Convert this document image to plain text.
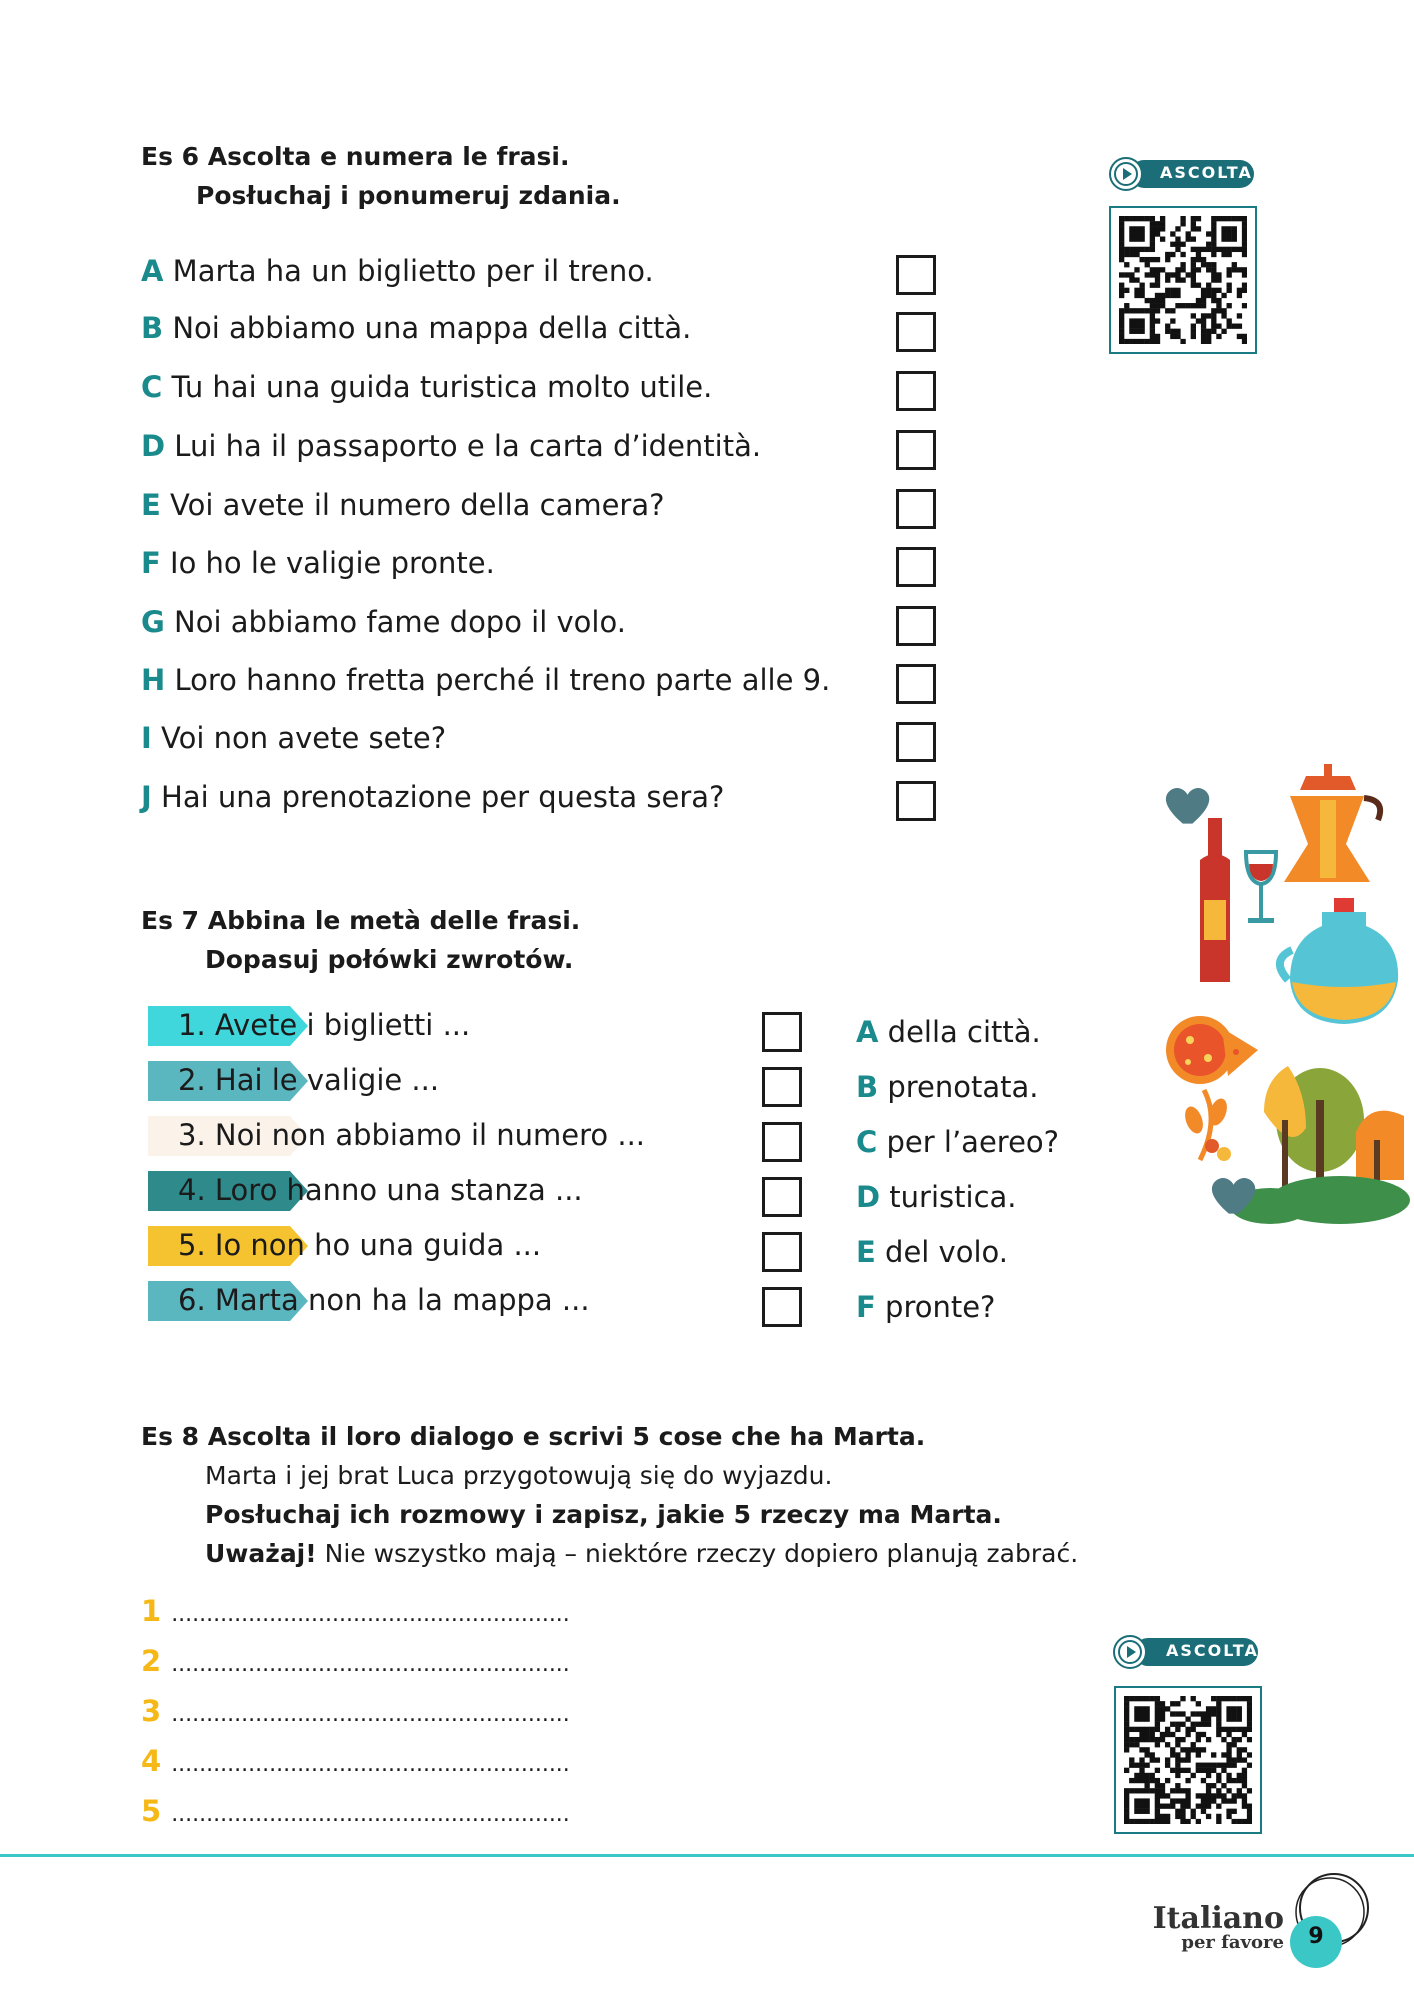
Es 6 Ascolta e numera le frasi.
Posłuchaj i ponumeruj zdania.
A Marta ha un biglietto per il treno.
B Noi abbiamo una mappa della città.
C Tu hai una guida turistica molto utile.
D Lui ha il passaporto e la carta d’identità.
E Voi avete il numero della camera?
F Io ho le valigie pronte.
G Noi abbiamo fame dopo il volo.
H Loro hanno fretta perché il treno parte alle 9.
I Voi non avete sete?
J Hai una prenotazione per questa sera?
ASCOLTA
Es 7 Abbina le metà delle frasi.
Dopasuj połówki zwrotów.
1. Avete i biglietti ...
2. Hai le valigie ...
3. Noi non abbiamo il numero ...
4. Loro hanno una stanza ...
5. Io non ho una guida ...
6. Marta non ha la mappa ...
A della città.
B prenotata.
C per l’aereo?
D turistica.
E del volo.
F pronte?
Es 8 Ascolta il loro dialogo e scrivi 5 cose che ha Marta.
Marta i jej brat Luca przygotowują się do wyjazdu.
Posłuchaj ich rozmowy i zapisz, jakie 5 rzeczy ma Marta.
Uważaj! Nie wszystko mają – niektóre rzeczy dopiero planują zabrać.
1 .........................................................
2 .........................................................
3 .........................................................
4 .........................................................
5 .........................................................
ASCOLTA
Italiano
per favore 9
